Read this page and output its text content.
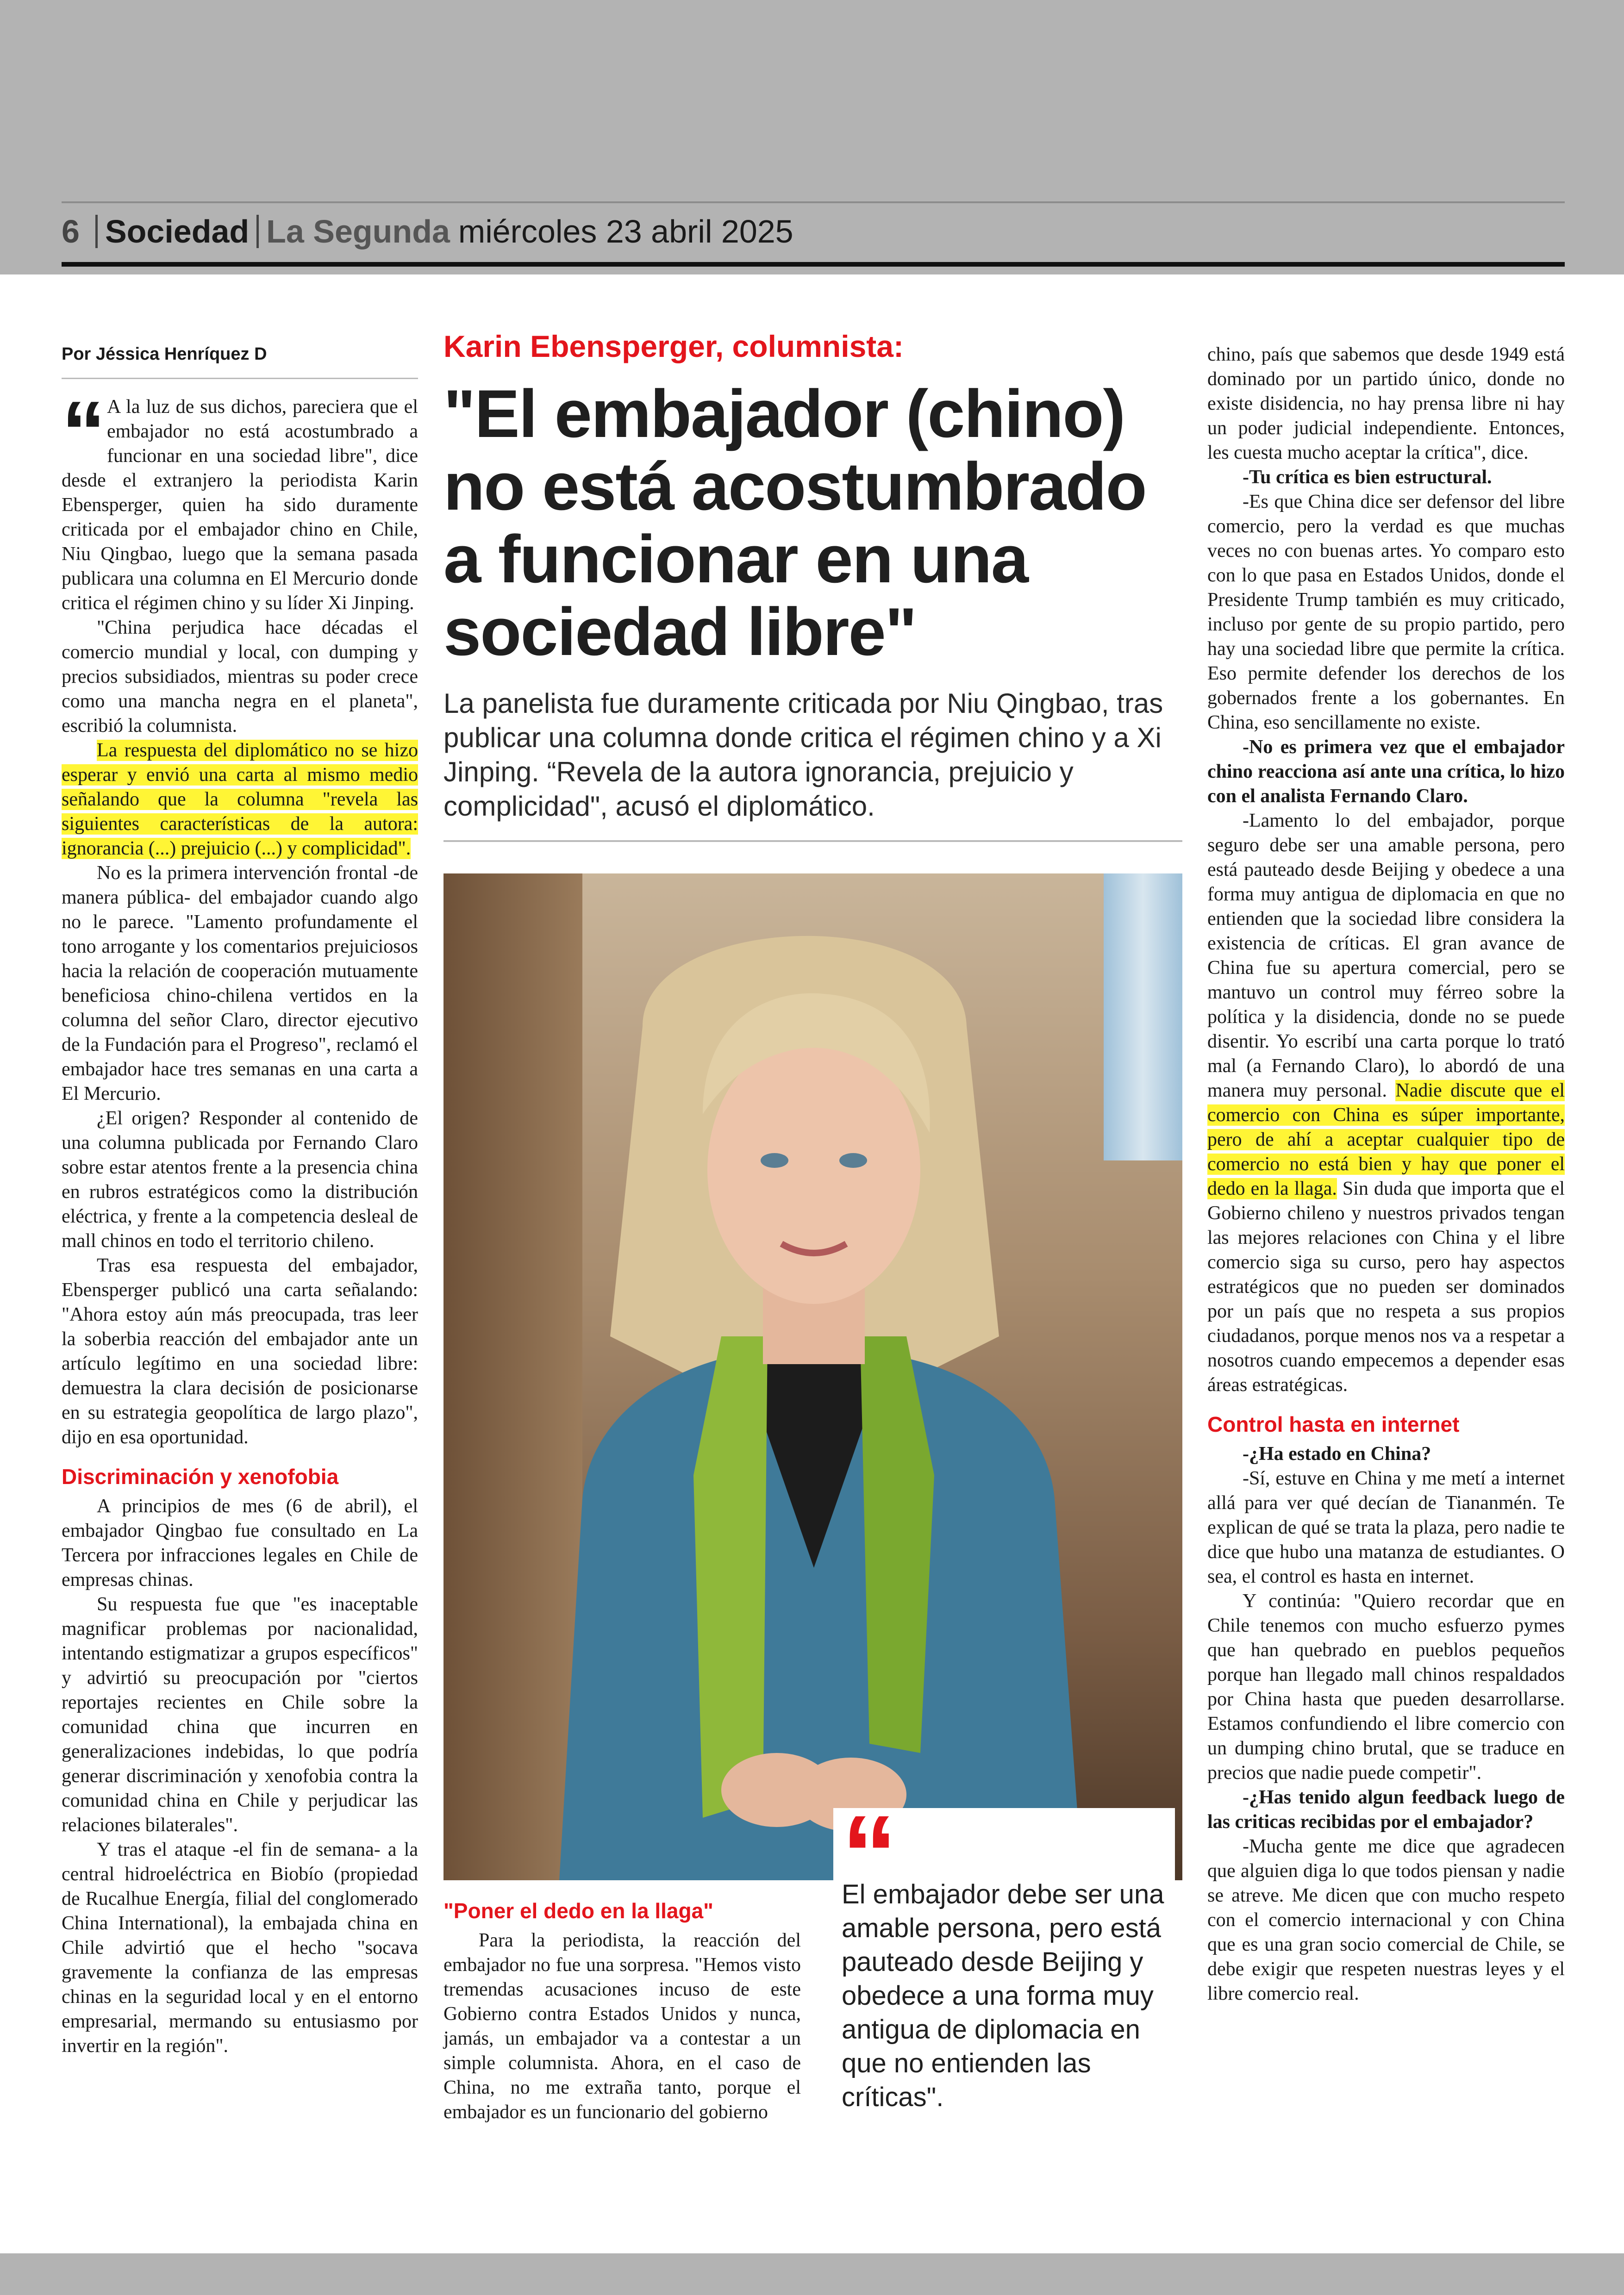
6 Sociedad La Segunda miércoles 23 abril 2025
Por Jéssica Henríquez D

“ A la luz de sus dichos, pareciera que el embajador no está acostumbrado a funcionar en una sociedad libre", dice desde el extranjero la periodista Karin Ebensperger, quien ha sido duramente criticada por el embajador chino en Chile, Niu Qingbao, luego que la semana pasada publicara una columna en El Mercurio donde critica el régimen chino y su líder Xi Jinping.

"China perjudica hace décadas el comercio mundial y local, con dumping y precios subsidiados, mientras su poder crece como una mancha negra en el planeta", escribió la columnista.

La respuesta del diplomático no se hizo esperar y envió una carta al mismo medio señalando que la columna "revela las siguientes características de la autora: ignorancia (...) prejuicio (...) y complicidad".

No es la primera intervención frontal -de manera pública- del embajador cuando algo no le parece. "Lamento profundamente el tono arrogante y los comentarios prejuiciosos hacia la relación de cooperación mutuamente beneficiosa chino-chilena vertidos en la columna del señor Claro, director ejecutivo de la Fundación para el Progreso", reclamó el embajador hace tres semanas en una carta a El Mercurio.

¿El origen? Responder al contenido de una columna publicada por Fernando Claro sobre estar atentos frente a la presencia china en rubros estratégicos como la distribución eléctrica, y frente a la competencia desleal de mall chinos en todo el territorio chileno.

Tras esa respuesta del embajador, Ebensperger publicó una carta señalando: "Ahora estoy aún más preocupada, tras leer la soberbia reacción del embajador ante un artículo legítimo en una sociedad libre: demuestra la clara decisión de posicionarse en su estrategia geopolítica de largo plazo", dijo en esa oportunidad.

Discriminación y xenofobia

A principios de mes (6 de abril), el embajador Qingbao fue consultado en La Tercera por infracciones legales en Chile de empresas chinas.

Su respuesta fue que "es inaceptable magnificar problemas por nacionalidad, intentando estigmatizar a grupos específicos" y advirtió su preocupación por "ciertos reportajes recientes en Chile sobre la comunidad china que incurren en generalizaciones indebidas, lo que podría generar discriminación y xenofobia contra la comunidad china en Chile y perjudicar las relaciones bilaterales".

Y tras el ataque -el fin de semana- a la central hidroeléctrica en Biobío (propiedad de Rucalhue Energía, filial del conglomerado China International), la embajada china en Chile advirtió que el hecho "socava gravemente la confianza de las empresas chinas en la seguridad local y en el entorno empresarial, mermando su entusiasmo por invertir en la región".

Karin Ebensperger, columnista:
"El embajador (chino) no está acostumbrado a funcionar en una sociedad libre"
La panelista fue duramente criticada por Niu Qingbao, tras publicar una columna donde critica el régimen chino y a Xi Jinping. “Revela de la autora ignorancia, prejuicio y complicidad", acusó el diplomático.
“
El embajador debe ser una amable persona, pero está pauteado desde Beijing y obedece a una forma muy antigua de diplomacia en que no entienden las críticas".
"Poner el dedo en la llaga"

Para la periodista, la reacción del embajador no fue una sorpresa. "Hemos visto tremendas acusaciones incuso de este Gobierno contra Estados Unidos y nunca, jamás, un embajador va a contestar a un simple columnista. Ahora, en el caso de China, no me extraña tanto, porque el embajador es un funcionario del gobierno

chino, país que sabemos que desde 1949 está dominado por un partido único, donde no existe disidencia, no hay prensa libre ni hay un poder judicial independiente. Entonces, les cuesta mucho aceptar la crítica", dice.

-Tu crítica es bien estructural.

-Es que China dice ser defensor del libre comercio, pero la verdad es que muchas veces no con buenas artes. Yo comparo esto con lo que pasa en Estados Unidos, donde el Presidente Trump también es muy criticado, incluso por gente de su propio partido, pero hay una sociedad libre que permite la crítica. Eso permite defender los derechos de los gobernados frente a los gobernantes. En China, eso sencillamente no existe.

-No es primera vez que el embajador chino reacciona así ante una crítica, lo hizo con el analista Fernando Claro.

-Lamento lo del embajador, porque seguro debe ser una amable persona, pero está pauteado desde Beijing y obedece a una forma muy antigua de diplomacia en que no entienden que la sociedad libre considera la existencia de críticas. El gran avance de China fue su apertura comercial, pero se mantuvo un control muy férreo sobre la política y la disidencia, donde no se puede disentir. Yo escribí una carta porque lo trató mal (a Fernando Claro), lo abordó de una manera muy personal. Nadie discute que el comercio con China es súper importante, pero de ahí a aceptar cualquier tipo de comercio no está bien y hay que poner el dedo en la llaga. Sin duda que importa que el Gobierno chileno y nuestros privados tengan las mejores relaciones con China y el libre comercio siga su curso, pero hay aspectos estratégicos que no pueden ser dominados por un país que no respeta a sus propios ciudadanos, porque menos nos va a respetar a nosotros cuando empecemos a depender esas áreas estratégicas.

Control hasta en internet

-¿Ha estado en China?

-Sí, estuve en China y me metí a internet allá para ver qué decían de Tiananmén. Te explican de qué se trata la plaza, pero nadie te dice que hubo una matanza de estudiantes. O sea, el control es hasta en internet.

Y continúa: "Quiero recordar que en Chile tenemos con mucho esfuerzo pymes que han quebrado en pueblos pequeños porque han llegado mall chinos respaldados por China hasta que pueden desarrollarse. Estamos confundiendo el libre comercio con un dumping chino brutal, que se traduce en precios que nadie puede competir".

-¿Has tenido algun feedback luego de las criticas recibidas por el embajador?

-Mucha gente me dice que agradecen que alguien diga lo que todos piensan y nadie se atreve. Me dicen que con mucho respeto con el comercio internacional y con China que es una gran socio comercial de Chile, se debe exigir que respeten nuestras leyes y el libre comercio real.
